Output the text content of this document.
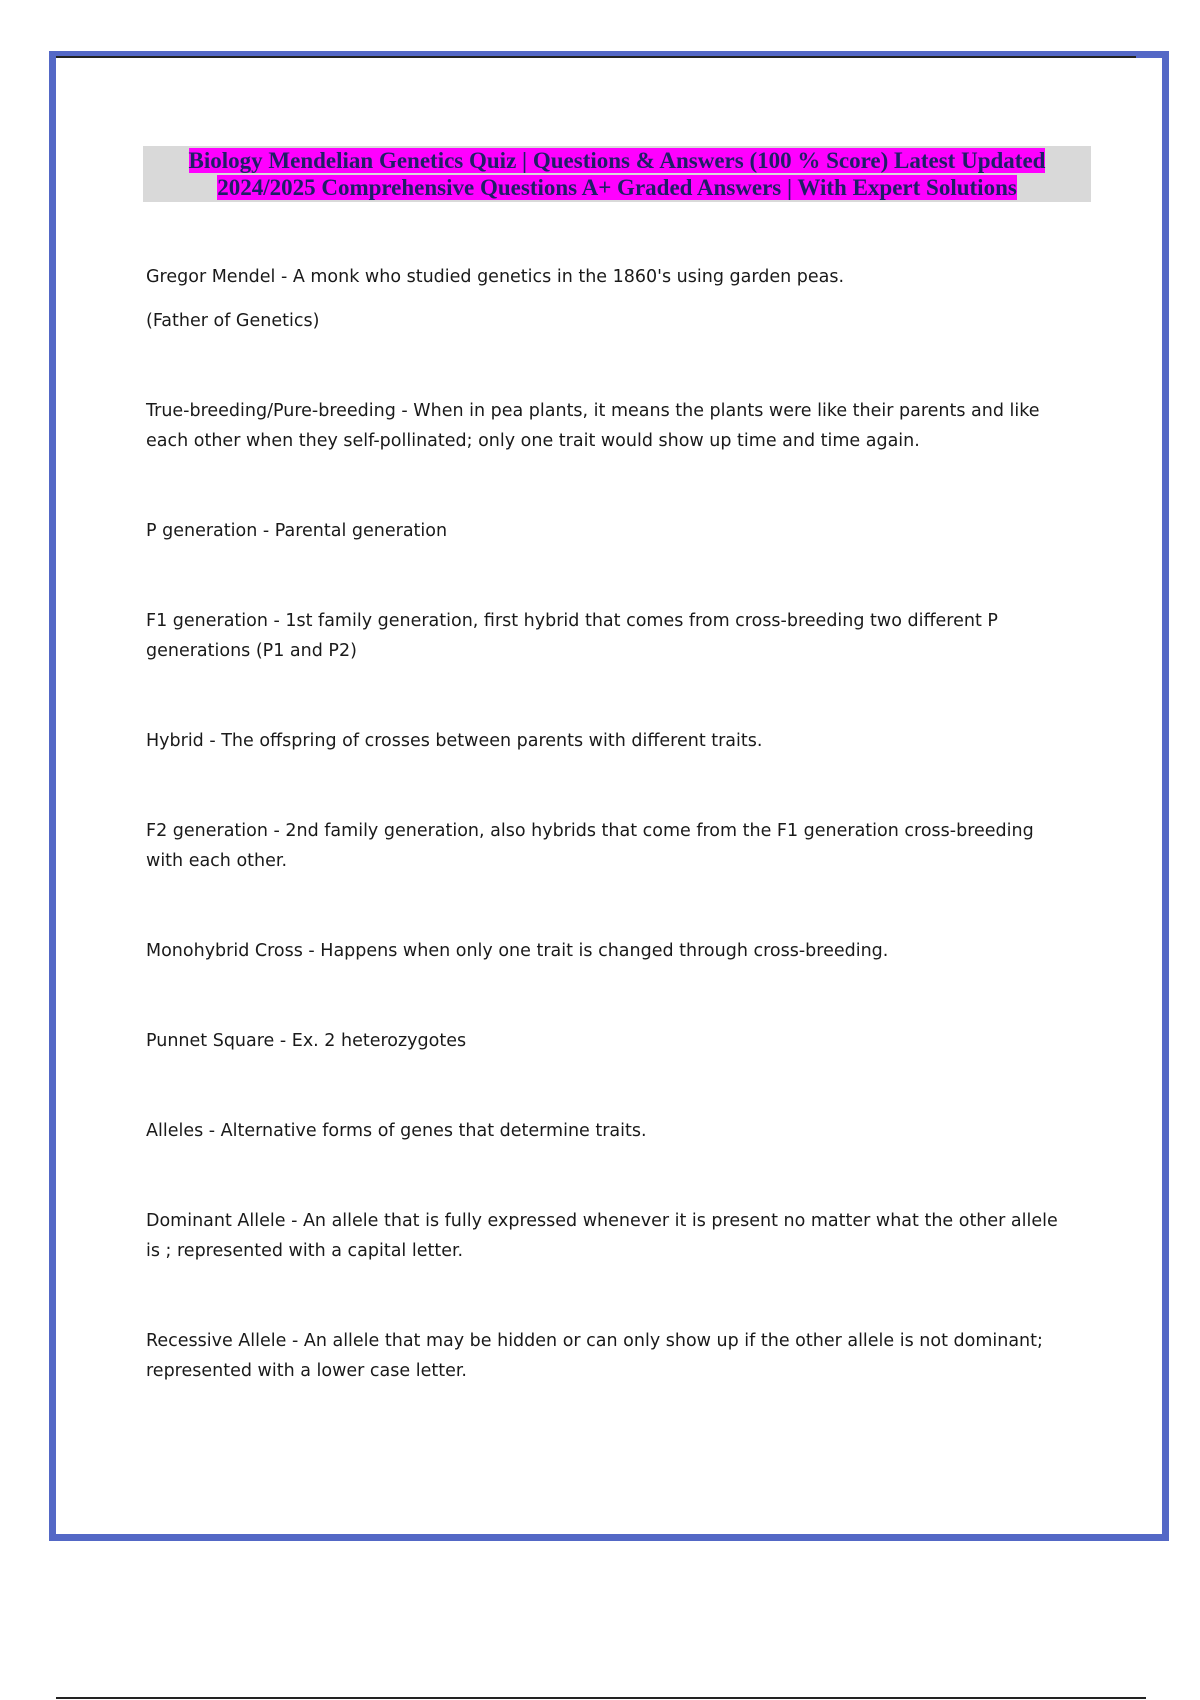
Biology Mendelian Genetics Quiz | Questions & Answers (100 % Score) Latest Updated
2024/2025 Comprehensive Questions A+ Graded Answers | With Expert Solutions

Gregor Mendel - A monk who studied genetics in the 1860's using garden peas.

(Father of Genetics)

True-breeding/Pure-breeding - When in pea plants, it means the plants were like their parents and like
each other when they self-pollinated; only one trait would show up time and time again.

P generation - Parental generation

F1 generation - 1st family generation, first hybrid that comes from cross-breeding two different P
generations (P1 and P2)

Hybrid - The offspring of crosses between parents with different traits.

F2 generation - 2nd family generation, also hybrids that come from the F1 generation cross-breeding
with each other.

Monohybrid Cross - Happens when only one trait is changed through cross-breeding.

Punnet Square - Ex. 2 heterozygotes

Alleles - Alternative forms of genes that determine traits.

Dominant Allele - An allele that is fully expressed whenever it is present no matter what the other allele
is ; represented with a capital letter.

Recessive Allele - An allele that may be hidden or can only show up if the other allele is not dominant;
represented with a lower case letter.
